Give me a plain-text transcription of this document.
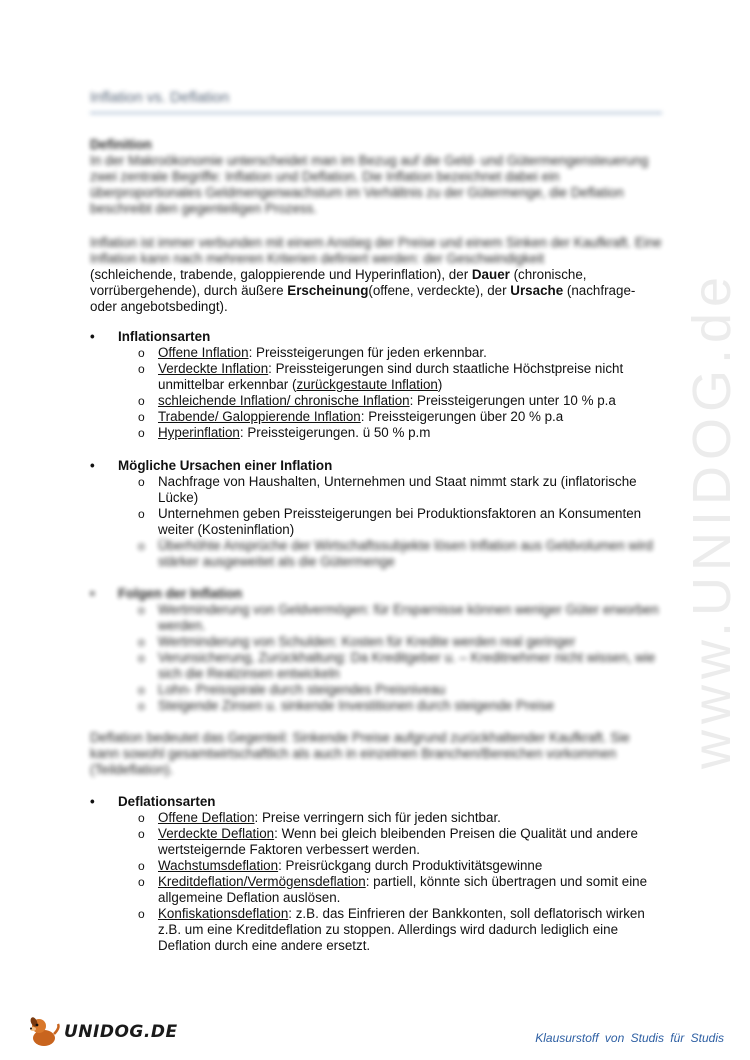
www.UNIDOG.de
Inflation vs. Deflation

Definition

In der Makroökonomie unterscheidet man im Bezug auf die Geld- und Gütermengensteuerung zwei zentrale Begriffe: Inflation und Deflation. Die Inflation bezeichnet dabei ein überproportionales Geldmengenwachstum im Verhältnis zu der Gütermenge, die Deflation beschreibt den gegenteiligen Prozess.

Inflation ist immer verbunden mit einem Anstieg der Preise und einem Sinken der Kaufkraft. Eine Inflation kann nach mehreren Kriterien definiert werden: der Geschwindigkeit

(schleichende, trabende, galoppierende und Hyperinflation), der Dauer (chronische,

vorrübergehende), durch äußere Erscheinung(offene, verdeckte), der Ursache (nachfrage-

oder angebotsbedingt).

• Inflationsarten
o Offene Inflation: Preissteigerungen für jeden erkennbar.
o Verdeckte Inflation: Preissteigerungen sind durch staatliche Höchstpreise nicht unmittelbar erkennbar (zurückgestaute Inflation)
o schleichende Inflation/ chronische Inflation: Preissteigerungen unter 10 % p.a
o Trabende/ Galoppierende Inflation: Preissteigerungen über 20 % p.a
o Hyperinflation: Preissteigerungen. ü 50 % p.m
• Mögliche Ursachen einer Inflation
o Nachfrage von Haushalten, Unternehmen und Staat nimmt stark zu (inflatorische Lücke)
o Unternehmen geben Preissteigerungen bei Produktionsfaktoren an Konsumenten weiter (Kosteninflation)
o Überhöhte Ansprüche der Wirtschaftssubjekte lösen Inflation aus Geldvolumen wird stärker ausgeweitet als die Gütermenge
• Folgen der Inflation
o Wertminderung von Geldvermögen: für Ersparnisse können weniger Güter erworben werden.
o Wertminderung von Schulden: Kosten für Kredite werden real geringer
o Verunsicherung, Zurückhaltung: Da Kreditgeber u. – Kreditnehmer nicht wissen, wie sich die Realzinsen entwickeln
o Lohn- Preisspirale durch steigendes Preisniveau
o Steigende Zinsen u. sinkende Investitionen durch steigende Preise

Deflation bedeutet das Gegenteil: Sinkende Preise aufgrund zurückhaltender Kaufkraft. Sie kann sowohl gesamtwirtschaftlich als auch in einzelnen Branchen/Bereichen vorkommen (Teildeflation).

• Deflationsarten
o Offene Deflation: Preise verringern sich für jeden sichtbar.
o Verdeckte Deflation: Wenn bei gleich bleibenden Preisen die Qualität und andere wertsteigernde Faktoren verbessert werden.
o Wachstumsdeflation: Preisrückgang durch Produktivitätsgewinne
o Kreditdeflation/Vermögensdeflation: partiell, könnte sich übertragen und somit eine allgemeine Deflation auslösen.
o Konfiskationsdeflation: z.B. das Einfrieren der Bankkonten, soll deflatorisch wirken z.B. um eine Kreditdeflation zu stoppen. Allerdings wird dadurch lediglich eine Deflation durch eine andere ersetzt.
UNIDOG.DE	Klausurstoff von Studis für Studis
